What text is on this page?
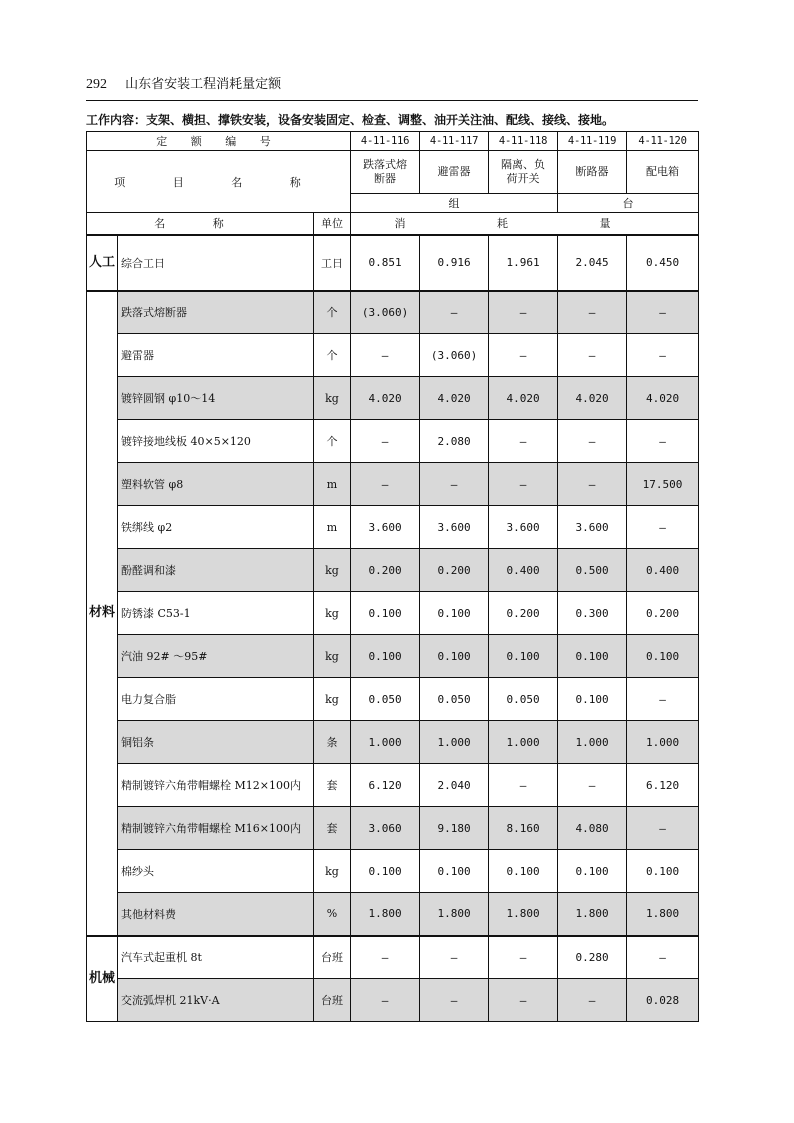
292 山东省安装工程消耗量定额
工作内容：支架、横担、撑铁安装，设备安装固定、检查、调整、油开关注油、配线、接线、接地。
定 额 编 号			4-11-116	4-11-117	4-11-118	4-11-119	4-11-120
项 目 名 称			跌落式熔断器	避雷器	隔离、负荷开关	断路器	配电箱
			组			台	
名 称		单位	消 耗 量				
人工	综合工日	工日	0.851	0.916	1.961	2.045	0.450
材料	跌落式熔断器	个	(3.060)	—	—	—	—
	避雷器	个	—	(3.060)	—	—	—
	镀锌圆钢 φ10～14	kg	4.020	4.020	4.020	4.020	4.020
	镀锌接地线板 40×5×120	个	—	2.080	—	—	—
	塑料软管 φ8	m	—	—	—	—	17.500
	铁绑线 φ2	m	3.600	3.600	3.600	3.600	—
	酚醛调和漆	kg	0.200	0.200	0.400	0.500	0.400
	防锈漆 C53-1	kg	0.100	0.100	0.200	0.300	0.200
	汽油 92# ～95#	kg	0.100	0.100	0.100	0.100	0.100
	电力复合脂	kg	0.050	0.050	0.050	0.100	—
	铜铝条	条	1.000	1.000	1.000	1.000	1.000
	精制镀锌六角带帽螺栓 M12×100内	套	6.120	2.040	—	—	6.120
	精制镀锌六角带帽螺栓 M16×100内	套	3.060	9.180	8.160	4.080	—
	棉纱头	kg	0.100	0.100	0.100	0.100	0.100
	其他材料费	%	1.800	1.800	1.800	1.800	1.800
机械	汽车式起重机 8t	台班	—	—	—	0.280	—
	交流弧焊机 21kV·A	台班	—	—	—	—	0.028
